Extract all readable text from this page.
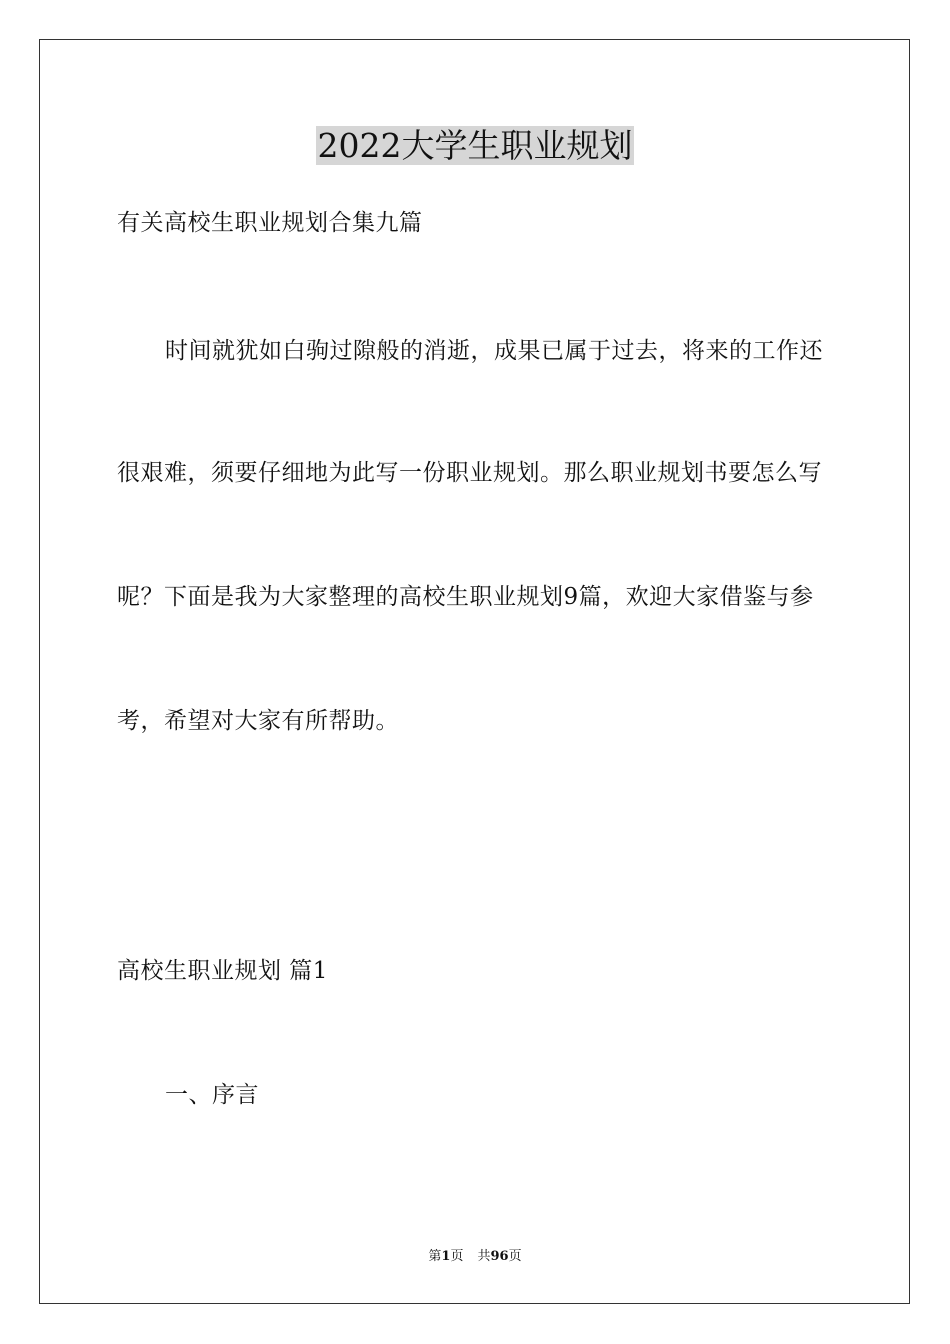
2022大学生职业规划
有关高校生职业规划合集九篇
时间就犹如白驹过隙般的消逝，成果已属于过去，将来的工作还
很艰难，须要仔细地为此写一份职业规划。那么职业规划书要怎么写
呢？下面是我为大家整理的高校生职业规划9篇，欢迎大家借鉴与参
考，希望对大家有所帮助。
高校生职业规划 篇1
一、序言
第1页 共96页
